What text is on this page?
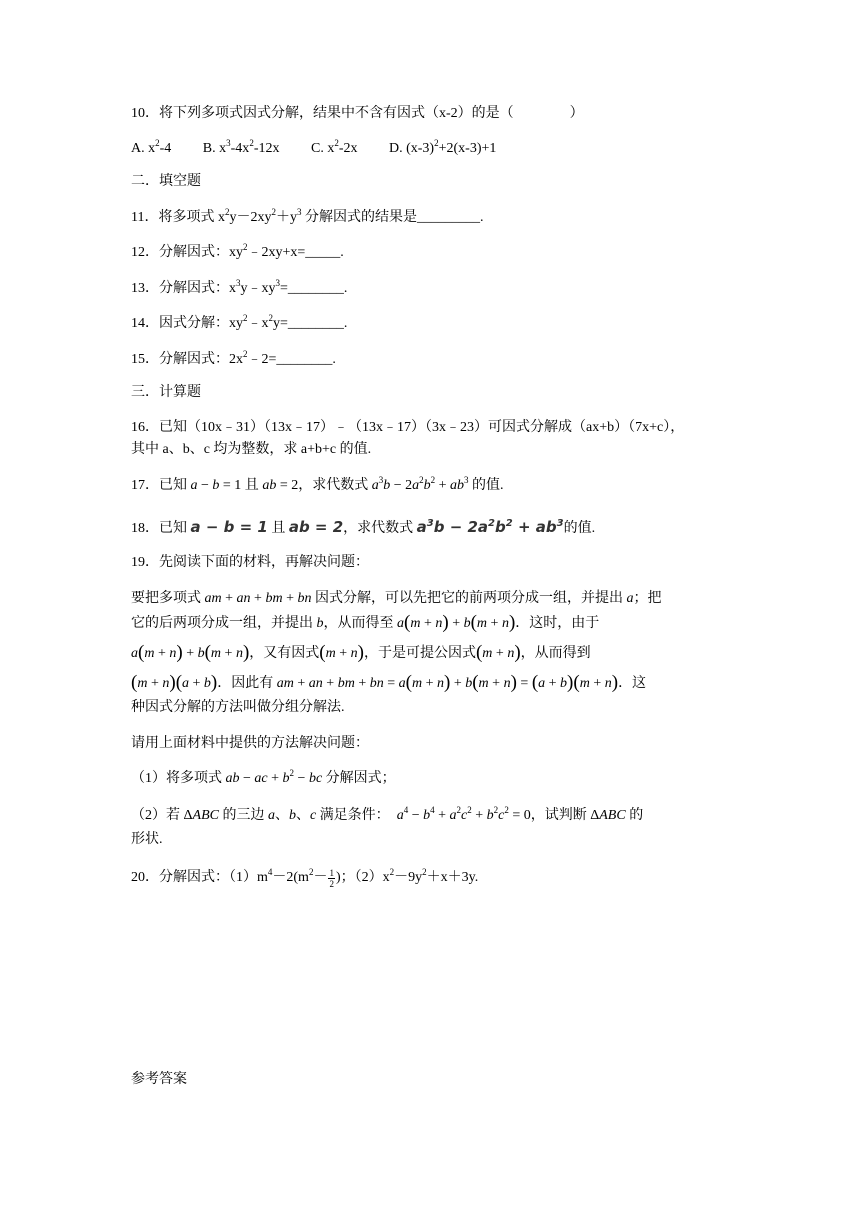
10．将下列多项式因式分解，结果中不含有因式（x-2）的是（　　　　）
A. $x^2-4$ B. $x^3-4x^2-12x$ C. $x^2-2x$ D. $(x-3)^2+2(x-3)+1$
二．填空题
11．将多项式 $x^2y-2xy^2+y^3$ 分解因式的结果是_________.
12．分解因式：$xy^2﹣2xy+x=\_\_\_\_\_$.
13．分解因式：$x^3y﹣xy^3=\_\_\_\_\_\_\_\_$.
14．因式分解：$xy^2﹣x^2y=\_\_\_\_\_\_\_\_$.
15．分解因式：$2x^2﹣2=\_\_\_\_\_\_\_\_$.
三．计算题
16．已知（10x﹣31）（13x﹣17）﹣（13x﹣17）（3x﹣23）可因式分解成（ax+b）（7x+c），
其中 a、b、c 均为整数，求 a+b+c 的值.
17．已知 a − b = 1 且 ab = 2，求代数式 $a^3b - 2a^2b^2 + ab^3$ 的值.
18．已知 a − b = 1 且 ab = 2，求代数式 $a^3b - 2a^2b^2 + ab^3$的值.
19．先阅读下面的材料，再解决问题：
要把多项式 am + an + bm + bn 因式分解，可以先把它的前两项分成一组，并提出 a；把
它的后两项分成一组，并提出 b，从而得至 a(m + n) + b(m + n)．这时，由于
a(m + n) + b(m + n)，又有因式(m + n)，于是可提公因式(m + n)，从而得到
(m + n)(a + b)．因此有 am + an + bm + bn = a(m + n) + b(m + n) = (a + b)(m + n)．这
种因式分解的方法叫做分组分解法.
请用上面材料中提供的方法解决问题：
（1）将多项式 ab − ac + $b^2$ − bc 分解因式；
（2）若 ΔABC 的三边 a、b、c 满足条件：  $a^4 - b^4 + a^2c^2 + b^2c^2 = 0$，试判断 ΔABC 的
形状.
20．分解因式：$(1)m^4-2(m^2- \frac{1}{2}$ )；$(2)x^2-9y^2+x+3y$.
参考答案
